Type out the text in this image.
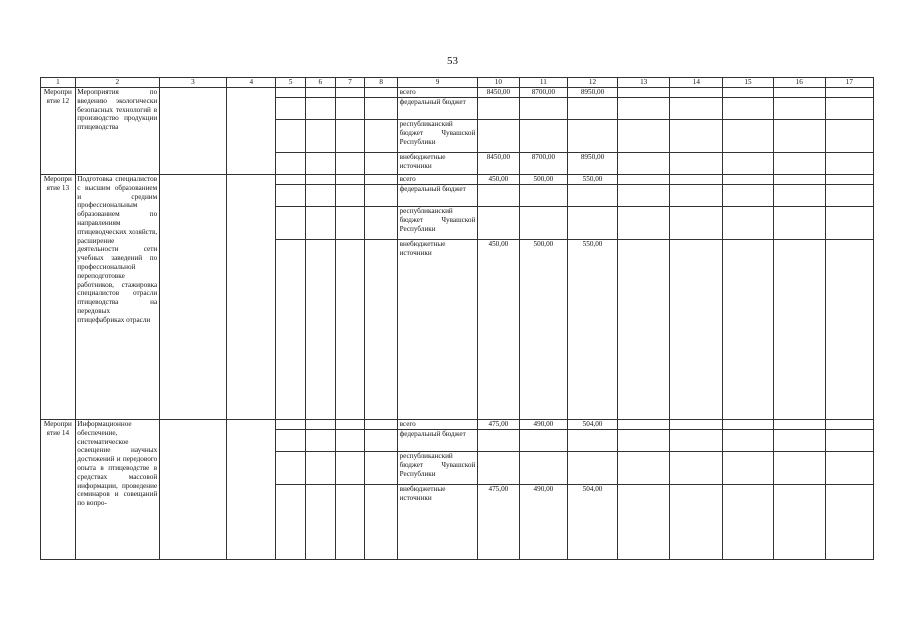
53
1	2	3	4	5	6	7	8	9	10	11	12	13	14	15	16	17
Мероприятие 12	Мероприятия по введению экологически безопасных технологий в производство продукции птицеводства							всего	8450,00	8700,00	8950,00					
								федеральный бюджет								
								республиканский бюджет Чувашской Республики								
								внебюджетные источники	8450,00	8700,00	8950,00					
Мероприятие 13	Подготовка специалистов с высшим образованием и средним профессиональным образованием по направлениям птицеводческих хозяйств, расширение деятельности сети учебных заведений по профессиональной переподготовке работников, стажировка специалистов отрасли птицеводства на передовых птицефабриках отрасли							всего	450,00	500,00	550,00					
								федеральный бюджет								
								республиканский бюджет Чувашской Республики								
								внебюджетные источники	450,00	500,00	550,00					
Мероприятие 14	Информационное обеспечение, систематическое освещение научных достижений и передового опыта в птицеводстве в средствах массовой информации, проведение семинаров и совещаний по вопро-							всего	475,00	490,00	504,00					
								федеральный бюджет								
								республиканский бюджет Чувашской Республики								
								внебюджетные источники	475,00	490,00	504,00					
